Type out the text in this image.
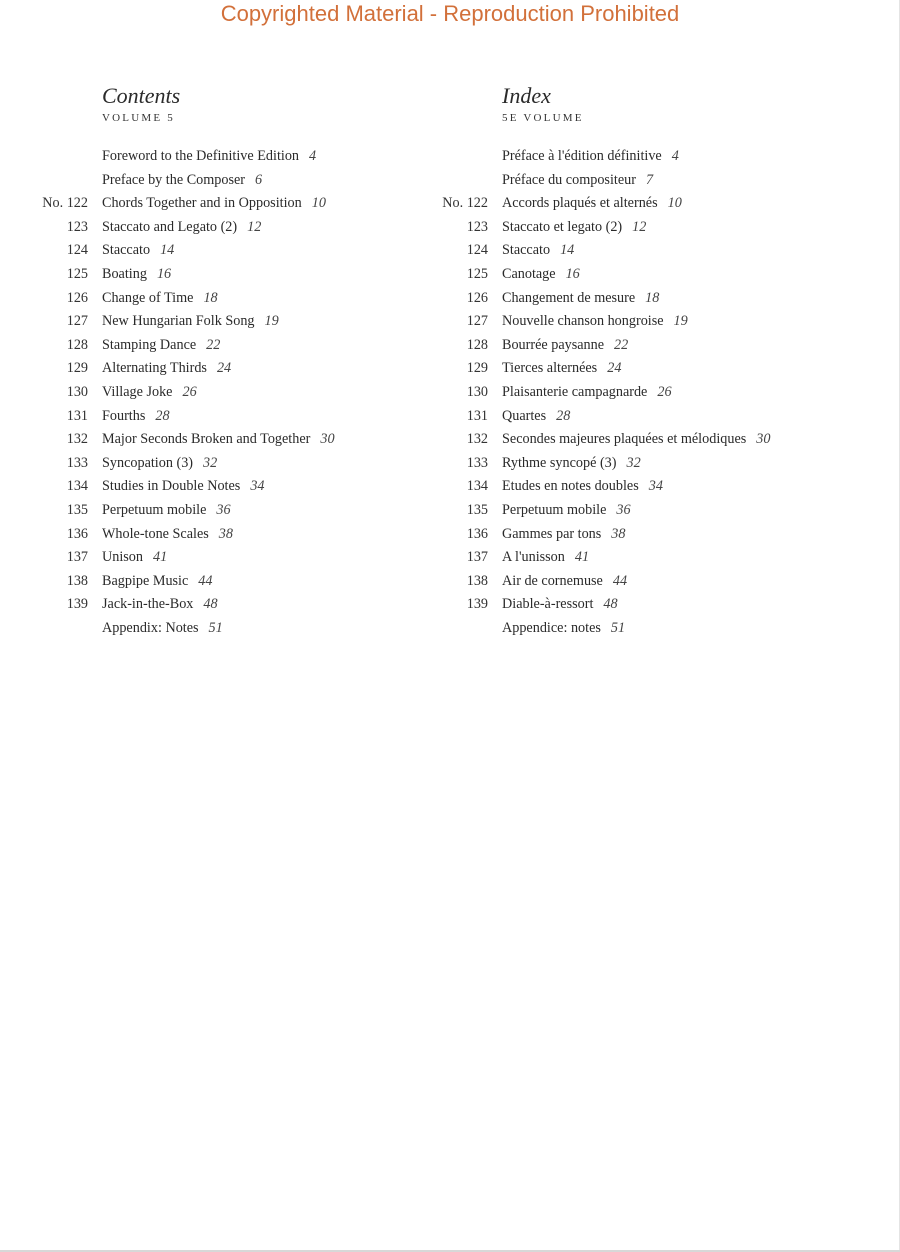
Copyrighted Material - Reproduction Prohibited
Contents
VOLUME 5
Foreword to the Definitive Edition 4
Preface by the Composer 6
No. 122 Chords Together and in Opposition 10
123 Staccato and Legato (2) 12
124 Staccato 14
125 Boating 16
126 Change of Time 18
127 New Hungarian Folk Song 19
128 Stamping Dance 22
129 Alternating Thirds 24
130 Village Joke 26
131 Fourths 28
132 Major Seconds Broken and Together 30
133 Syncopation (3) 32
134 Studies in Double Notes 34
135 Perpetuum mobile 36
136 Whole-tone Scales 38
137 Unison 41
138 Bagpipe Music 44
139 Jack-in-the-Box 48
Appendix: Notes 51
Index
5E VOLUME
Préface à l'édition définitive 4
Préface du compositeur 7
No. 122 Accords plaqués et alternés 10
123 Staccato et legato (2) 12
124 Staccato 14
125 Canotage 16
126 Changement de mesure 18
127 Nouvelle chanson hongroise 19
128 Bourrée paysanne 22
129 Tierces alternées 24
130 Plaisanterie campagnarde 26
131 Quartes 28
132 Secondes majeures plaquées et mélodiques 30
133 Rythme syncopé (3) 32
134 Etudes en notes doubles 34
135 Perpetuum mobile 36
136 Gammes par tons 38
137 A l'unisson 41
138 Air de cornemuse 44
139 Diable-à-ressort 48
Appendice: notes 51
